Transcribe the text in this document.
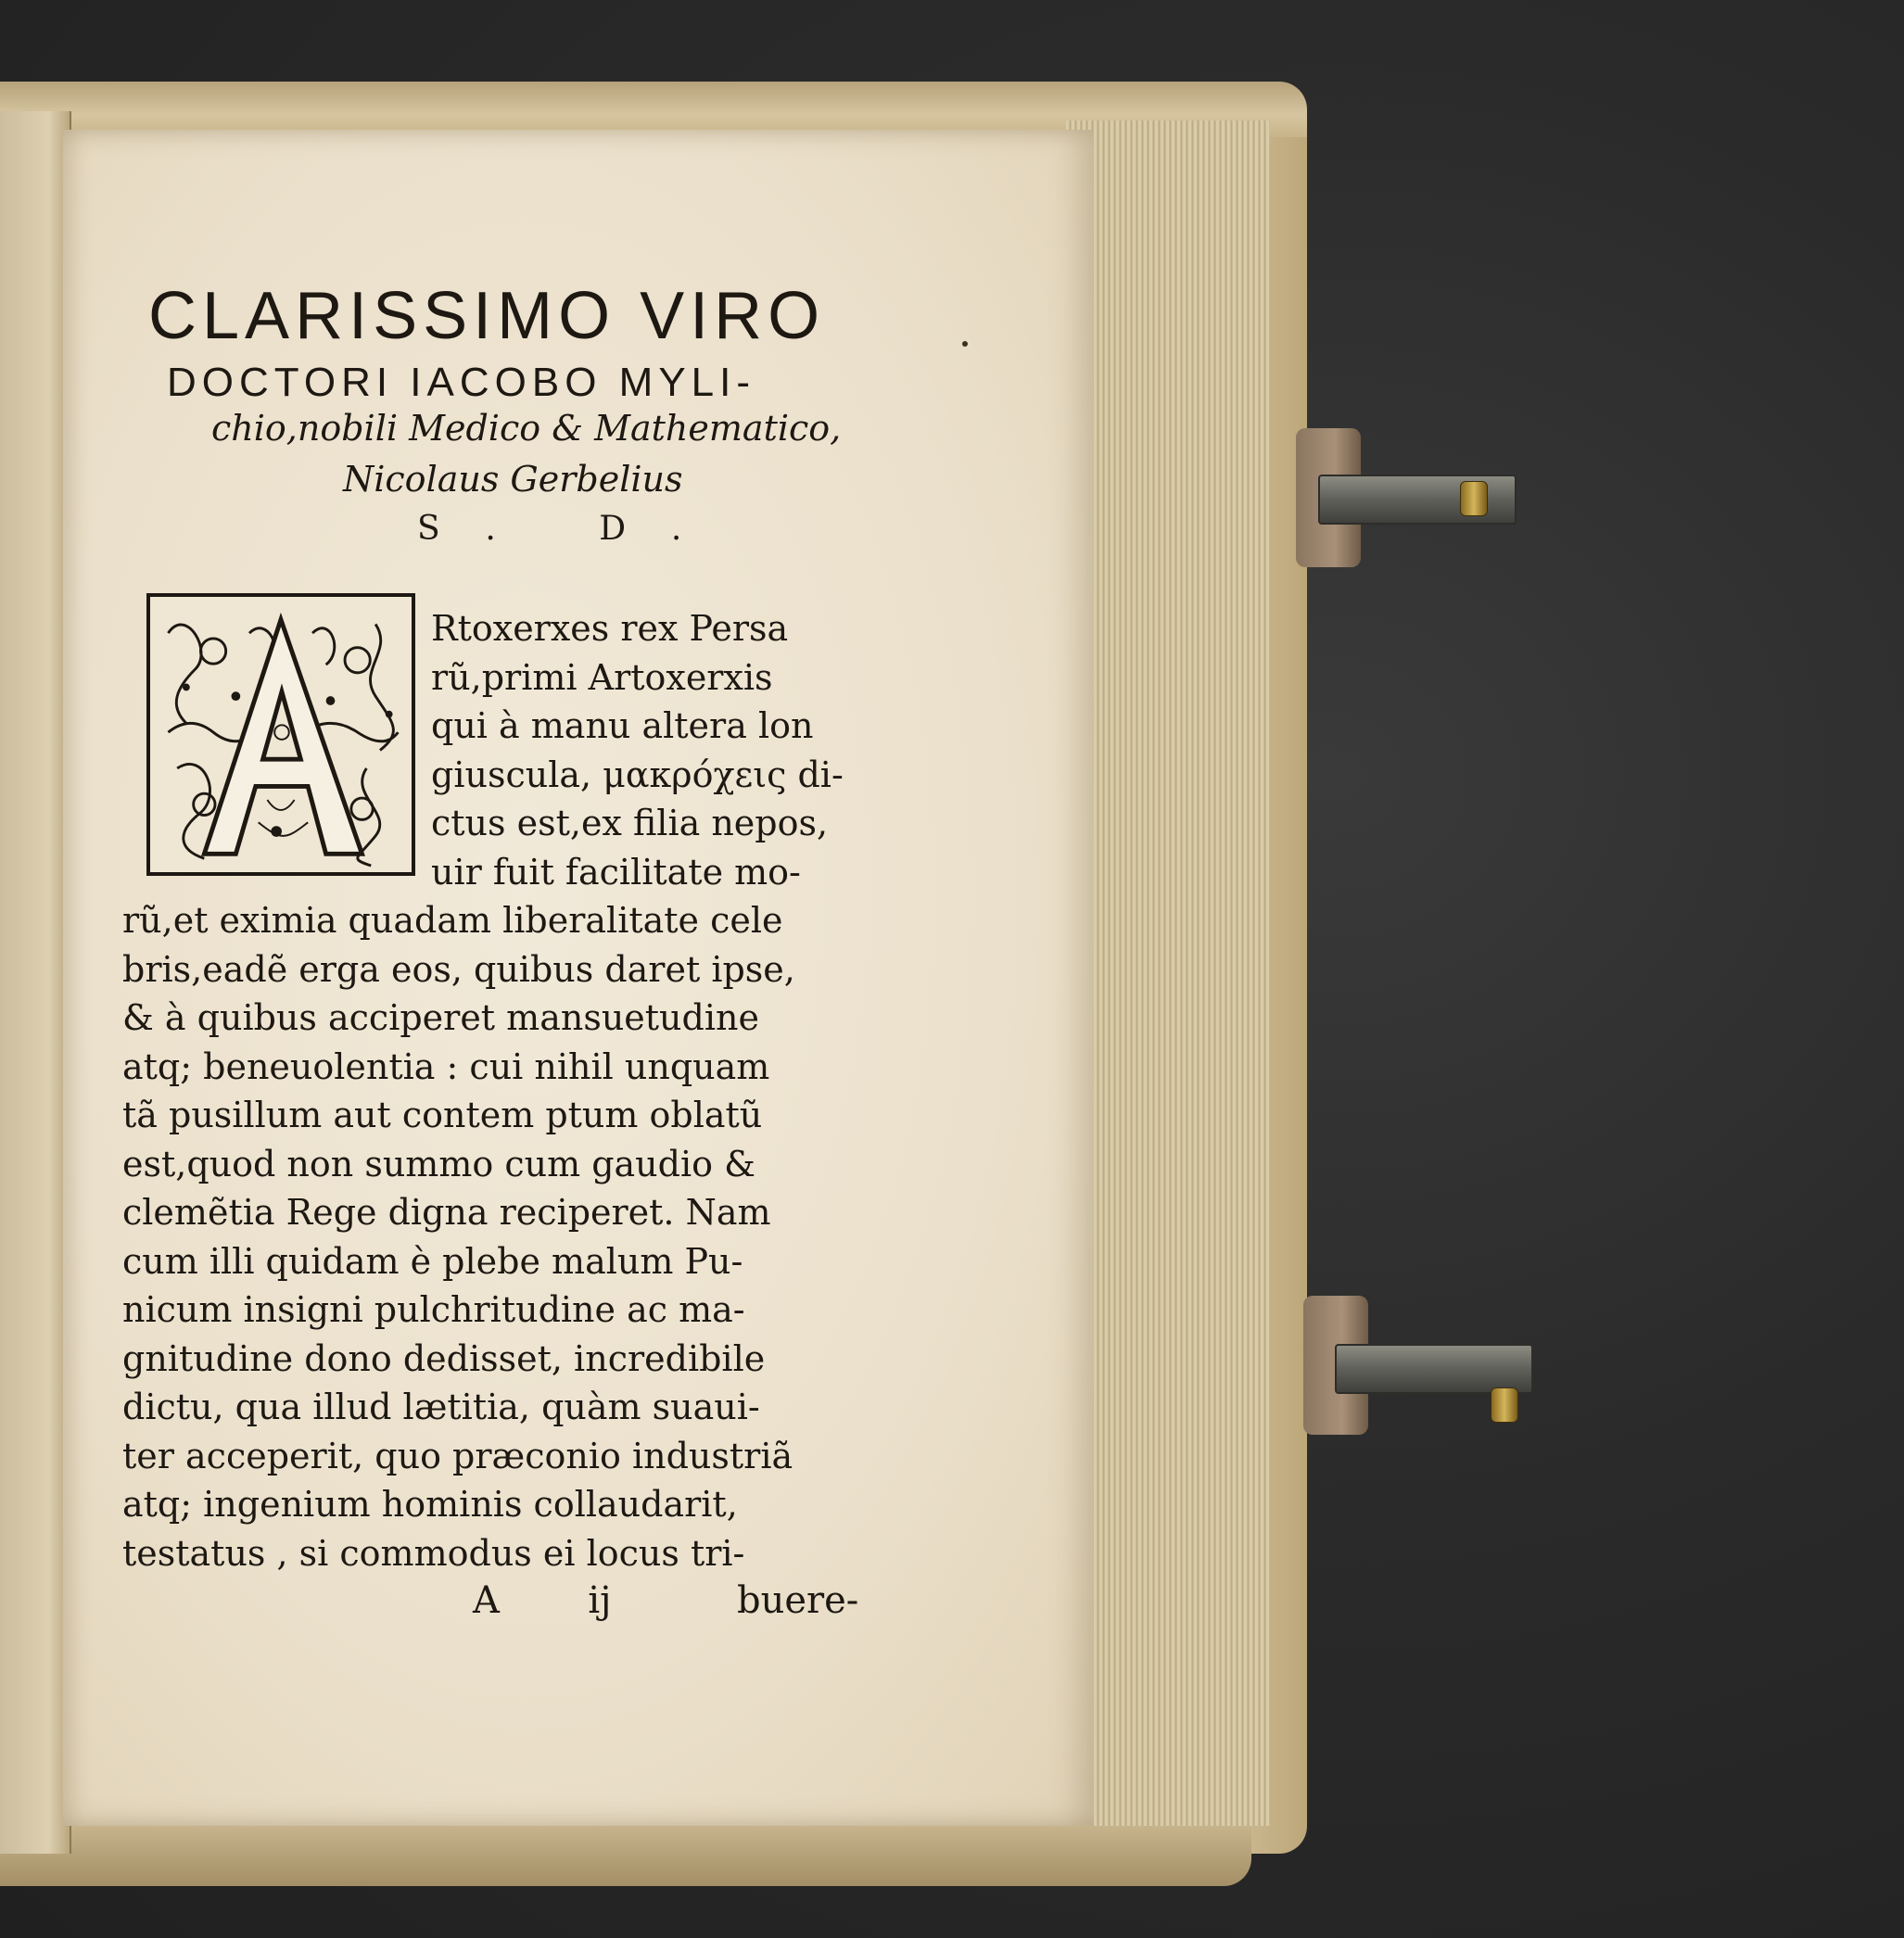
CLARISSIMO VIRO
DOCTORI IACOBO MYLI-
chio,nobili Medico & Mathematico,
Nicolaus Gerbelius
S. D.
Rtoxerxes rex Persa
rũ,primi Artoxerxis
qui à manu altera lon
giuscula, μακρόχεις di-
ctus est,ex filia nepos,
uir fuit facilitate mo-
rũ,et eximia quadam liberalitate cele
bris,eadẽ erga eos, quibus daret ipse,
& à quibus acciperet mansuetudine
atq; beneuolentia : cui nihil unquam
tã pusillum aut contem ptum oblatũ
est,quod non summo cum gaudio &
clemẽtia Rege digna reciperet. Nam
cum illi quidam è plebe malum Pu-
nicum insigni pulchritudine ac ma-
gnitudine dono dedisset, incredibile
dictu, qua illud lætitia, quàm suaui-
ter acceperit, quo præconio industriã
atq; ingenium hominis collaudarit,
testatus , si commodus ei locus tri-
A ij	buere-
